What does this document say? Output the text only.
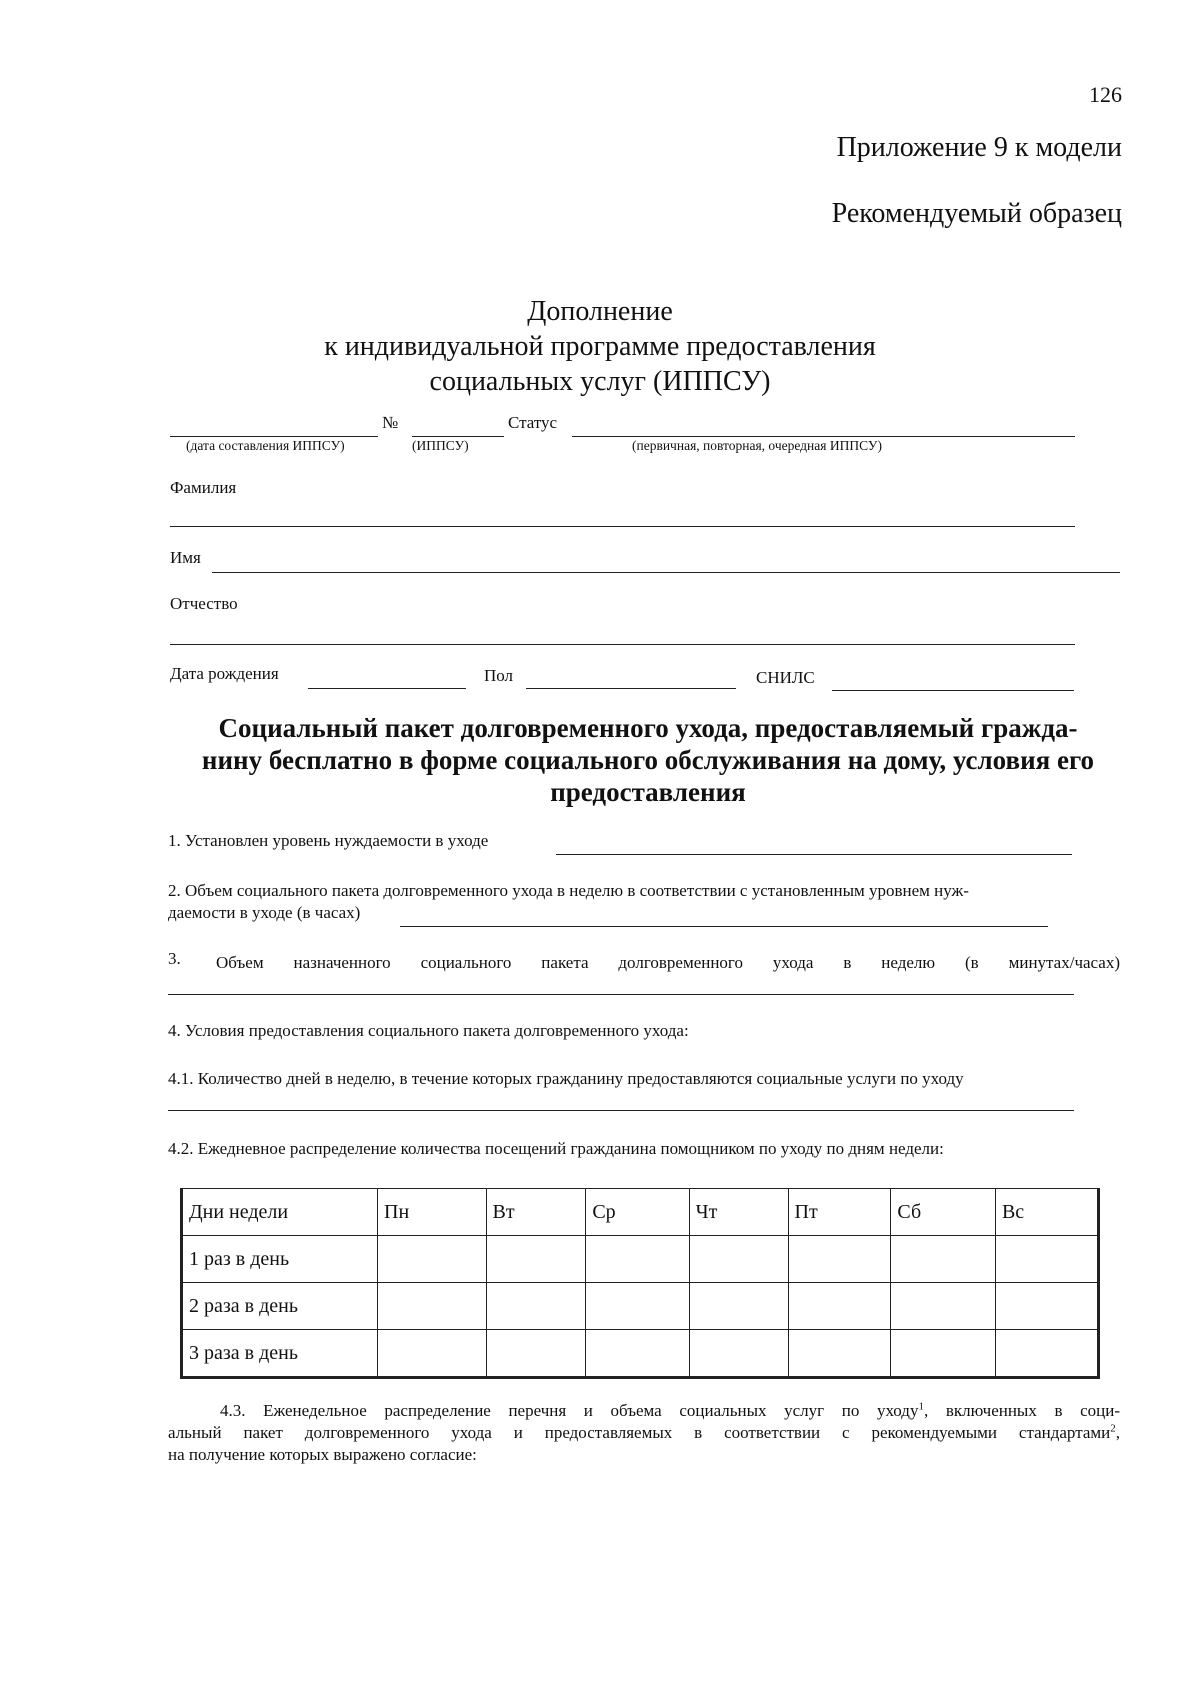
126
Приложение 9 к модели
Рекомендуемый образец
Дополнение
к индивидуальной программе предоставления
социальных услуг (ИППСУ)
№	Статус
(дата составления ИППСУ)	(ИППСУ)	(первичная, повторная, очередная ИППСУ)
Фамилия
Имя
Отчество
Дата рождения	Пол	СНИЛС
Социальный пакет долговременного ухода, предоставляемый гражда-
нину бесплатно в форме социального обслуживания на дому, условия его
предоставления
1. Установлен уровень нуждаемости в уходе
2. Объем социального пакета долговременного ухода в неделю в соответствии с установленным уровнем нуж-
даемости в уходе (в часах)
3. Объем назначенного социального пакета долговременного ухода в неделю (в минутах/часах)
4. Условия предоставления социального пакета долговременного ухода:
4.1. Количество дней в неделю, в течение которых гражданину предоставляются социальные услуги по уходу
4.2. Ежедневное распределение количества посещений гражданина помощником по уходу по дням недели:
Дни недели	Пн	Вт	Ср	Чт	Пт	Сб	Вс
1 раз в день							
2 раза в день							
3 раза в день							
4.3. Еженедельное распределение перечня и объема социальных услуг по уходу$^1$, включенных в соци-
альный пакет долговременного ухода и предоставляемых в соответствии с рекомендуемыми стандартами$^2$,
на получение которых выражено согласие:
